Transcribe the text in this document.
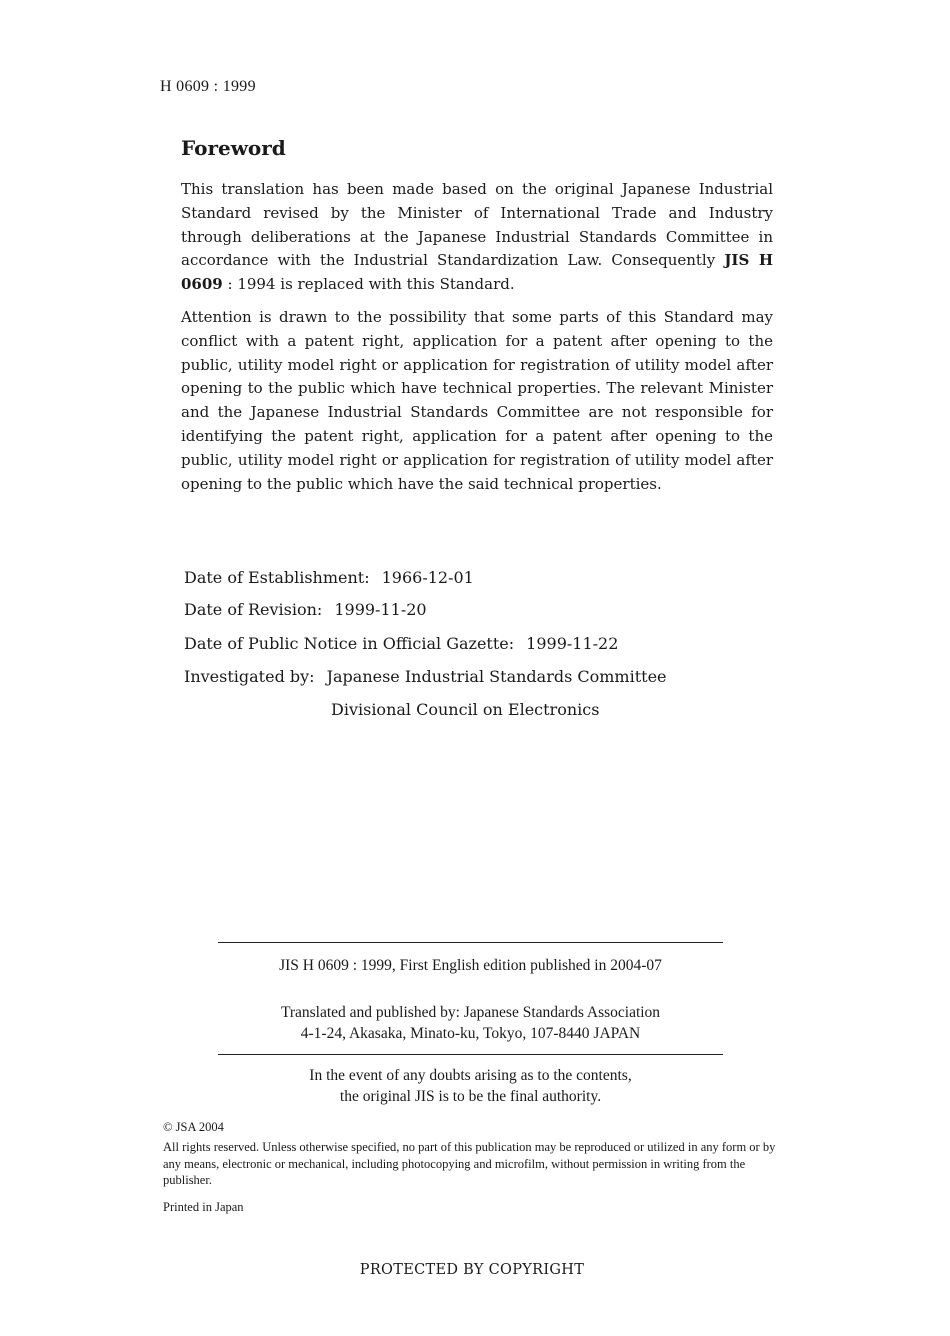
H 0609 : 1999
Foreword
This translation has been made based on the original Japanese Industrial Standard revised by the Minister of International Trade and Industry through deliberations at the Japanese Industrial Standards Committee in accordance with the Industrial Standardization Law. Consequently JIS H 0609 : 1994 is replaced with this Standard.
Attention is drawn to the possibility that some parts of this Standard may conflict with a patent right, application for a patent after opening to the public, utility model right or application for registration of utility model after opening to the public which have technical properties. The relevant Minister and the Japanese Industrial Standards Committee are not responsible for identifying the patent right, application for a patent after opening to the public, utility model right or application for registration of utility model after opening to the public which have the said technical properties.
Date of Establishment: 1966-12-01
Date of Revision: 1999-11-20
Date of Public Notice in Official Gazette: 1999-11-22
Investigated by: Japanese Industrial Standards Committee
Divisional Council on Electronics
JIS H 0609 : 1999, First English edition published in 2004-07
Translated and published by: Japanese Standards Association
4-1-24, Akasaka, Minato-ku, Tokyo, 107-8440 JAPAN
In the event of any doubts arising as to the contents,
the original JIS is to be the final authority.
© JSA 2004
All rights reserved. Unless otherwise specified, no part of this publication may be reproduced or utilized in any form or by any means, electronic or mechanical, including photocopying and microfilm, without permission in writing from the publisher.
Printed in Japan
PROTECTED BY COPYRIGHT
